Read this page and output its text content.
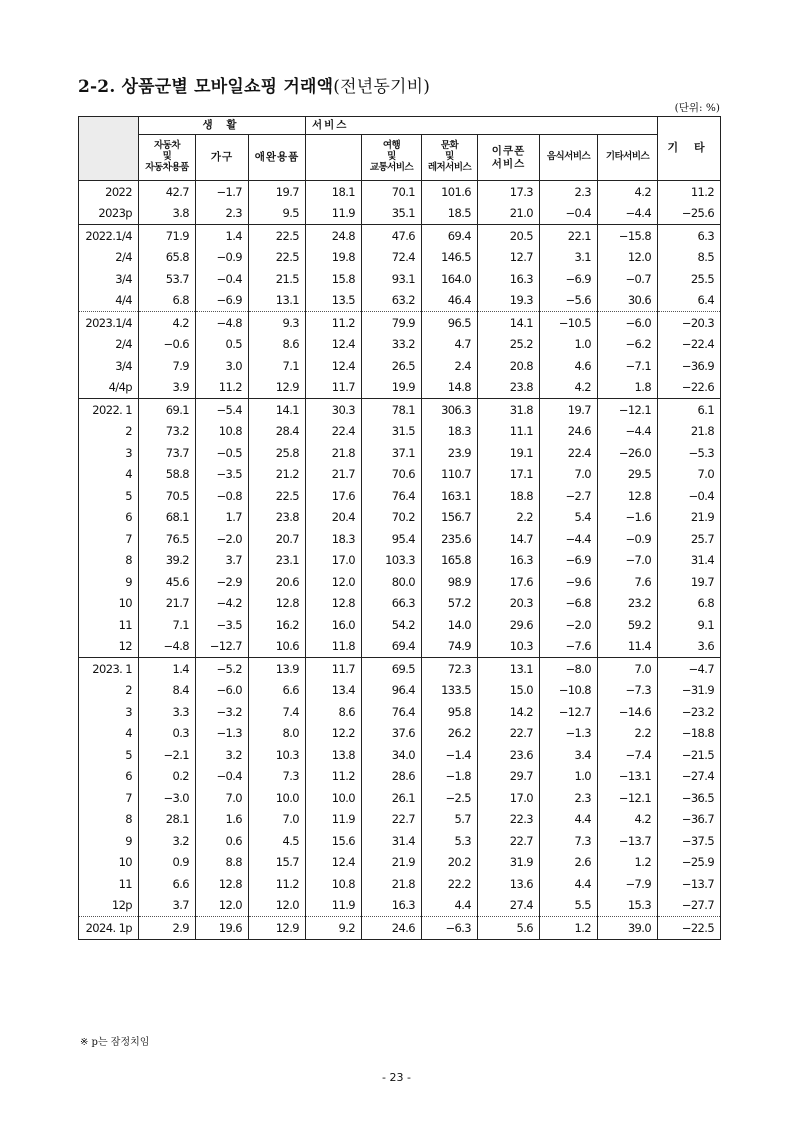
2-2. 상품군별 모바일쇼핑 거래액(전년동기비)
(단위: %)
	생 활			서비스						기 타
	자동차
및
자동차용품	가구	애완용품		여행
및
교통서비스	문화
및
레저서비스	이쿠폰
서비스	음식서비스	기타서비스	
2022	42.7	−1.7	19.7	18.1	70.1	101.6	17.3	2.3	4.2	11.2
2023p	3.8	2.3	9.5	11.9	35.1	18.5	21.0	−0.4	−4.4	−25.6
2022.1/4	71.9	1.4	22.5	24.8	47.6	69.4	20.5	22.1	−15.8	6.3
2/4	65.8	−0.9	22.5	19.8	72.4	146.5	12.7	3.1	12.0	8.5
3/4	53.7	−0.4	21.5	15.8	93.1	164.0	16.3	−6.9	−0.7	25.5
4/4	6.8	−6.9	13.1	13.5	63.2	46.4	19.3	−5.6	30.6	6.4
2023.1/4	4.2	−4.8	9.3	11.2	79.9	96.5	14.1	−10.5	−6.0	−20.3
2/4	−0.6	0.5	8.6	12.4	33.2	4.7	25.2	1.0	−6.2	−22.4
3/4	7.9	3.0	7.1	12.4	26.5	2.4	20.8	4.6	−7.1	−36.9
4/4p	3.9	11.2	12.9	11.7	19.9	14.8	23.8	4.2	1.8	−22.6
2022. 1	69.1	−5.4	14.1	30.3	78.1	306.3	31.8	19.7	−12.1	6.1
2	73.2	10.8	28.4	22.4	31.5	18.3	11.1	24.6	−4.4	21.8
3	73.7	−0.5	25.8	21.8	37.1	23.9	19.1	22.4	−26.0	−5.3
4	58.8	−3.5	21.2	21.7	70.6	110.7	17.1	7.0	29.5	7.0
5	70.5	−0.8	22.5	17.6	76.4	163.1	18.8	−2.7	12.8	−0.4
6	68.1	1.7	23.8	20.4	70.2	156.7	2.2	5.4	−1.6	21.9
7	76.5	−2.0	20.7	18.3	95.4	235.6	14.7	−4.4	−0.9	25.7
8	39.2	3.7	23.1	17.0	103.3	165.8	16.3	−6.9	−7.0	31.4
9	45.6	−2.9	20.6	12.0	80.0	98.9	17.6	−9.6	7.6	19.7
10	21.7	−4.2	12.8	12.8	66.3	57.2	20.3	−6.8	23.2	6.8
11	7.1	−3.5	16.2	16.0	54.2	14.0	29.6	−2.0	59.2	9.1
12	−4.8	−12.7	10.6	11.8	69.4	74.9	10.3	−7.6	11.4	3.6
2023. 1	1.4	−5.2	13.9	11.7	69.5	72.3	13.1	−8.0	7.0	−4.7
2	8.4	−6.0	6.6	13.4	96.4	133.5	15.0	−10.8	−7.3	−31.9
3	3.3	−3.2	7.4	8.6	76.4	95.8	14.2	−12.7	−14.6	−23.2
4	0.3	−1.3	8.0	12.2	37.6	26.2	22.7	−1.3	2.2	−18.8
5	−2.1	3.2	10.3	13.8	34.0	−1.4	23.6	3.4	−7.4	−21.5
6	0.2	−0.4	7.3	11.2	28.6	−1.8	29.7	1.0	−13.1	−27.4
7	−3.0	7.0	10.0	10.0	26.1	−2.5	17.0	2.3	−12.1	−36.5
8	28.1	1.6	7.0	11.9	22.7	5.7	22.3	4.4	4.2	−36.7
9	3.2	0.6	4.5	15.6	31.4	5.3	22.7	7.3	−13.7	−37.5
10	0.9	8.8	15.7	12.4	21.9	20.2	31.9	2.6	1.2	−25.9
11	6.6	12.8	11.2	10.8	21.8	22.2	13.6	4.4	−7.9	−13.7
12p	3.7	12.0	12.0	11.9	16.3	4.4	27.4	5.5	15.3	−27.7
2024. 1p	2.9	19.6	12.9	9.2	24.6	−6.3	5.6	1.2	39.0	−22.5
※ p는 잠정치임
- 23 -
